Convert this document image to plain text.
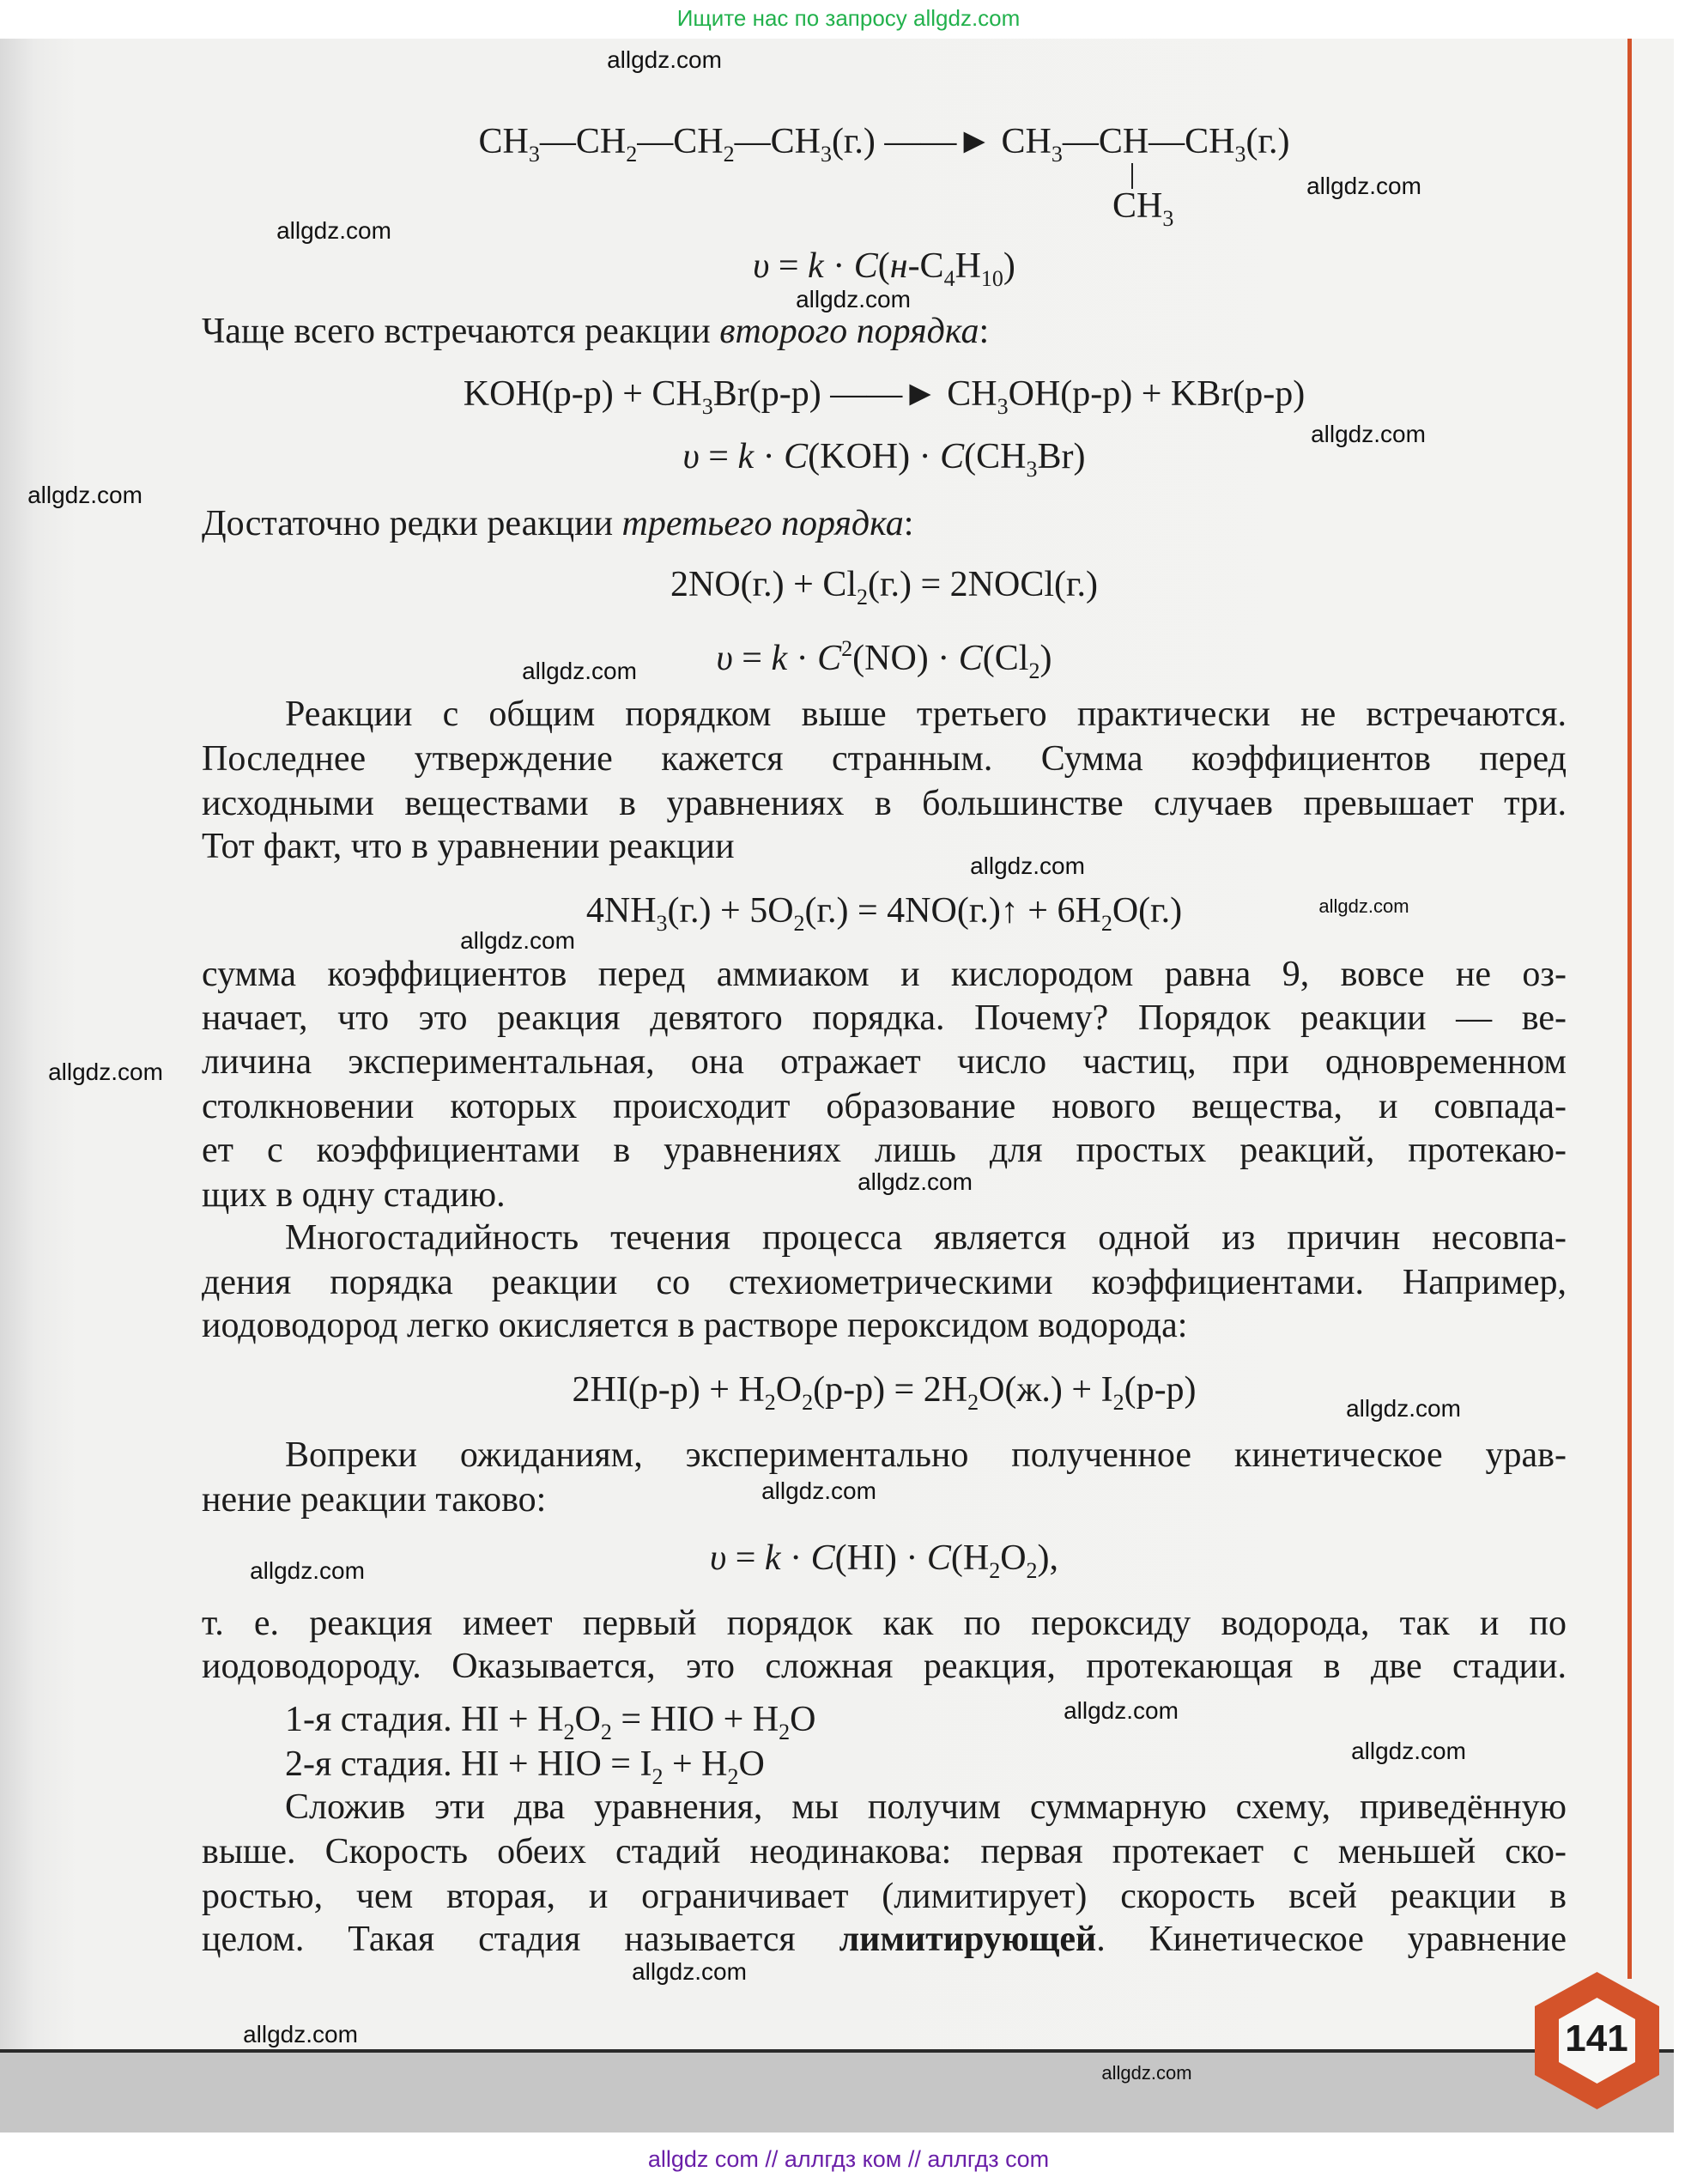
141
Ищите нас по запросу allgdz.com
$CH_3—CH_2—CH_2—CH_3(г.)$ ——► $CH_3—CH—CH_3(г.)$
$CH_3$
$\upsilon = k \cdot C(н-C_4H_{10})$
Чаще всего встречаются реакции второго порядка:
$KOH(р-р) + CH_3Br(р-р)$ ——► $CH_3OH(р-р) + KBr(р-р)$
$\upsilon = k \cdot C(KOH) \cdot C(CH_3Br)$
Достаточно редки реакции третьего порядка:
$2NO(г.) + Cl_2(г.)$ = 2NOCl(г.)
$\upsilon = k \cdot C^2(NO) \cdot C(Cl_2)$
Реакции с общим порядком выше третьего практически не встречаются.
Последнее утверждение кажется странным. Сумма коэффициентов перед
исходными веществами в уравнениях в большинстве случаев превышает три.
Тот факт, что в уравнении реакции
$4NH_3(г.) + 5O_2(г.)$ = 4NO(г.)↑ + $6H_2O(г.)$
сумма коэффициентов перед аммиаком и кислородом равна 9, вовсе не оз-
начает, что это реакция девятого порядка. Почему? Порядок реакции — ве-
личина экспериментальная, она отражает число частиц, при одновременном
столкновении которых происходит образование нового вещества, и совпада-
ет с коэффициентами в уравнениях лишь для простых реакций, протекаю-
щих в одну стадию.
Многостадийность течения процесса является одной из причин несовпа-
дения порядка реакции со стехиометрическими коэффициентами. Например,
иодоводород легко окисляется в растворе пероксидом водорода:
$2HI(р-р) + H_2O_2(р-р) = 2H_2O(ж.) + I_2(р-р)$
Вопреки ожиданиям, экспериментально полученное кинетическое урав-
нение реакции таково:
$\upsilon = k \cdot C(HI) \cdot C(H_2O_2)$,
т. е. реакция имеет первый порядок как по пероксиду водорода, так и по
иодоводороду. Оказывается, это сложная реакция, протекающая в две стадии.
1-я стадия. HI + $H_2O_2$ = HIO + $H_2O$
2-я стадия. HI + HIO = $I_2 + H_2O$
Сложив эти два уравнения, мы получим суммарную схему, приведённую
выше. Скорость обеих стадий неодинакова: первая протекает с меньшей ско-
ростью, чем вторая, и ограничивает (лимитирует) скорость всей реакции в
целом. Такая стадия называется лимитирующей. Кинетическое уравнение
allgdz.com
allgdz.com
allgdz.com
allgdz.com
allgdz.com
allgdz.com
allgdz.com
allgdz.com
allgdz.com
allgdz.com
allgdz.com
allgdz.com
allgdz.com
allgdz.com
allgdz.com
allgdz.com
allgdz.com
allgdz.com
allgdz.com
allgdz.com
allgdz com // аллгдз ком // аллгдз com
